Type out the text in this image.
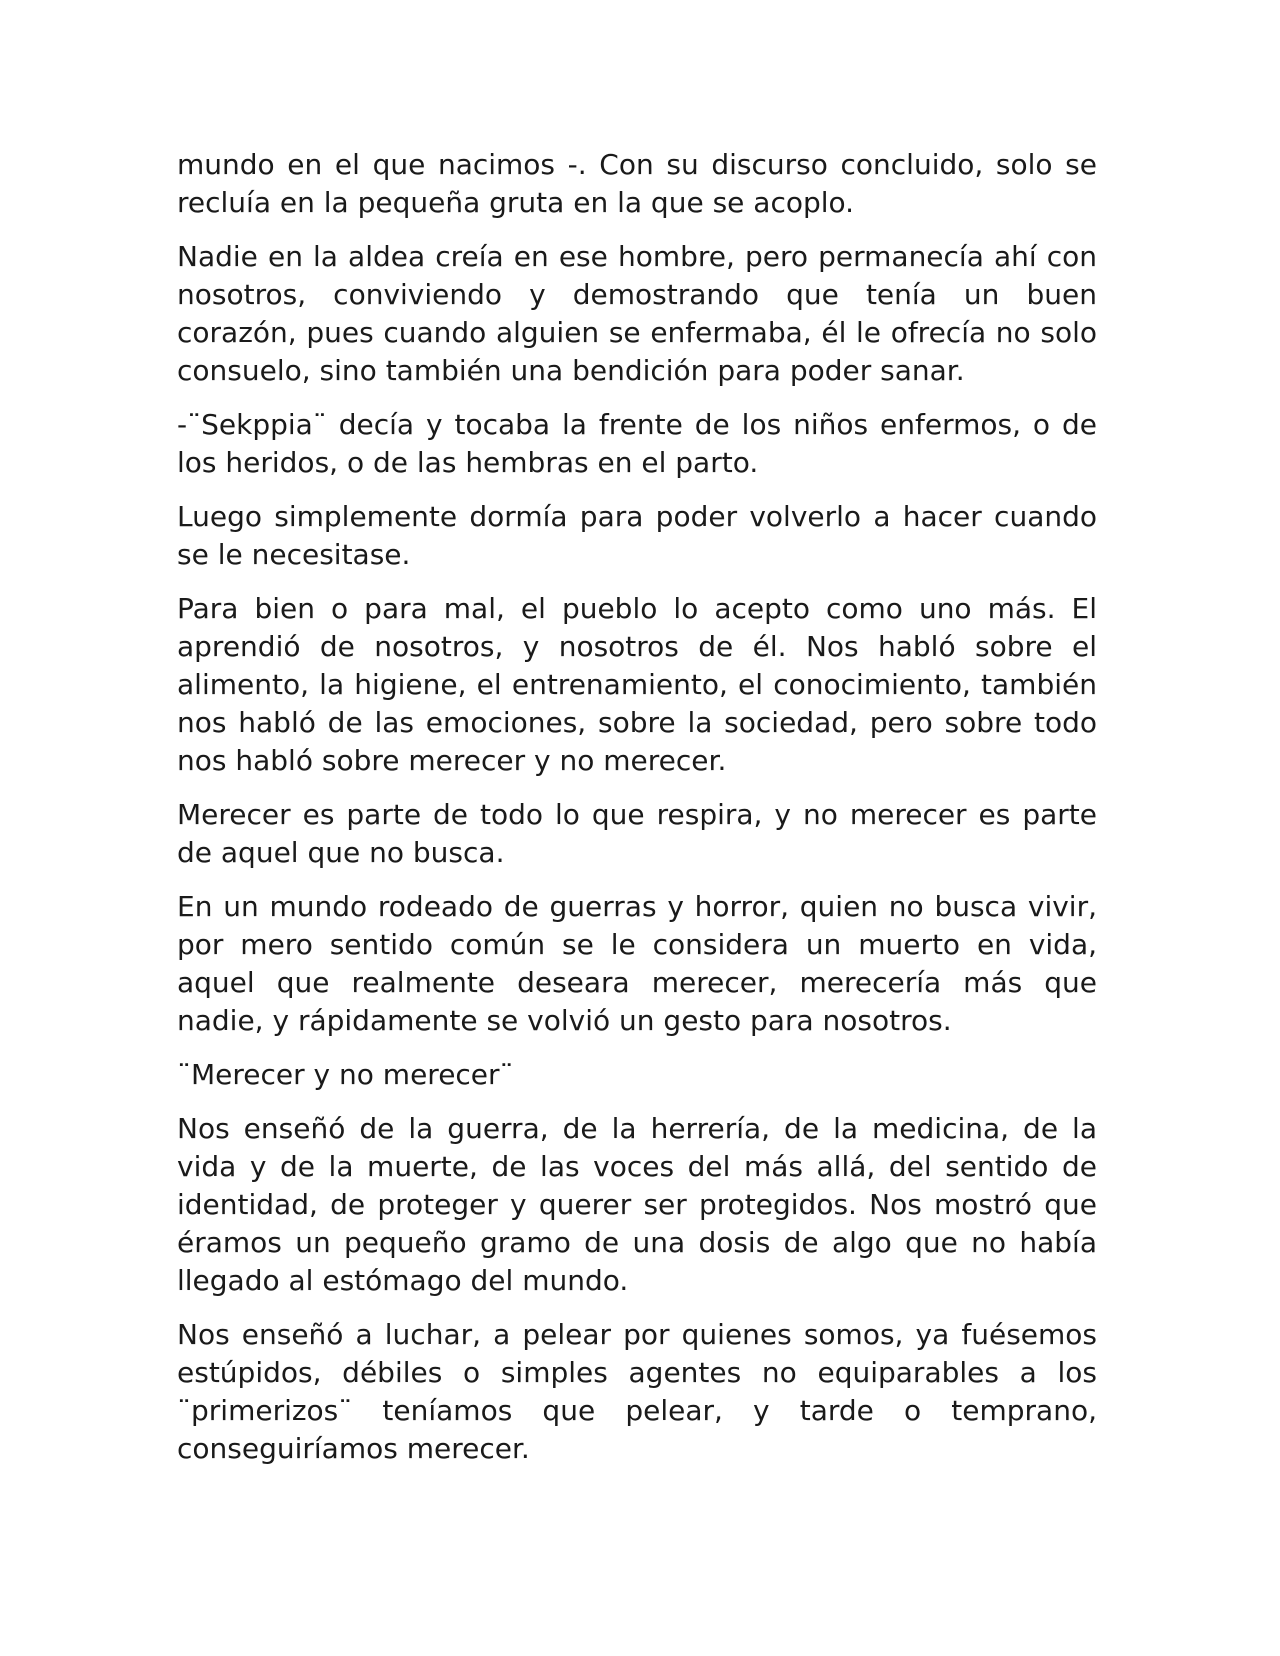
mundo en el que nacimos -. Con su discurso concluido, solo se recluía en la pequeña gruta en la que se acoplo.

Nadie en la aldea creía en ese hombre, pero permanecía ahí con nosotros, conviviendo y demostrando que tenía un buen corazón, pues cuando alguien se enfermaba, él le ofrecía no solo consuelo, sino también una bendición para poder sanar.

-¨Sekppia¨ decía y tocaba la frente de los niños enfermos, o de los heridos, o de las hembras en el parto.

Luego simplemente dormía para poder volverlo a hacer cuando se le necesitase.

Para bien o para mal, el pueblo lo acepto como uno más. El aprendió de nosotros, y nosotros de él. Nos habló sobre el alimento, la higiene, el entrenamiento, el conocimiento, también nos habló de las emociones, sobre la sociedad, pero sobre todo nos habló sobre merecer y no merecer.

Merecer es parte de todo lo que respira, y no merecer es parte de aquel que no busca.

En un mundo rodeado de guerras y horror, quien no busca vivir, por mero sentido común se le considera un muerto en vida, aquel que realmente deseara merecer, merecería más que nadie, y rápidamente se volvió un gesto para nosotros.

¨Merecer y no merecer¨

Nos enseñó de la guerra, de la herrería, de la medicina, de la vida y de la muerte, de las voces del más allá, del sentido de identidad, de proteger y querer ser protegidos. Nos mostró que éramos un pequeño gramo de una dosis de algo que no había llegado al estómago del mundo.

Nos enseñó a luchar, a pelear por quienes somos, ya fuésemos estúpidos, débiles o simples agentes no equiparables a los ¨primerizos¨ teníamos que pelear, y tarde o temprano, conseguiríamos merecer.
